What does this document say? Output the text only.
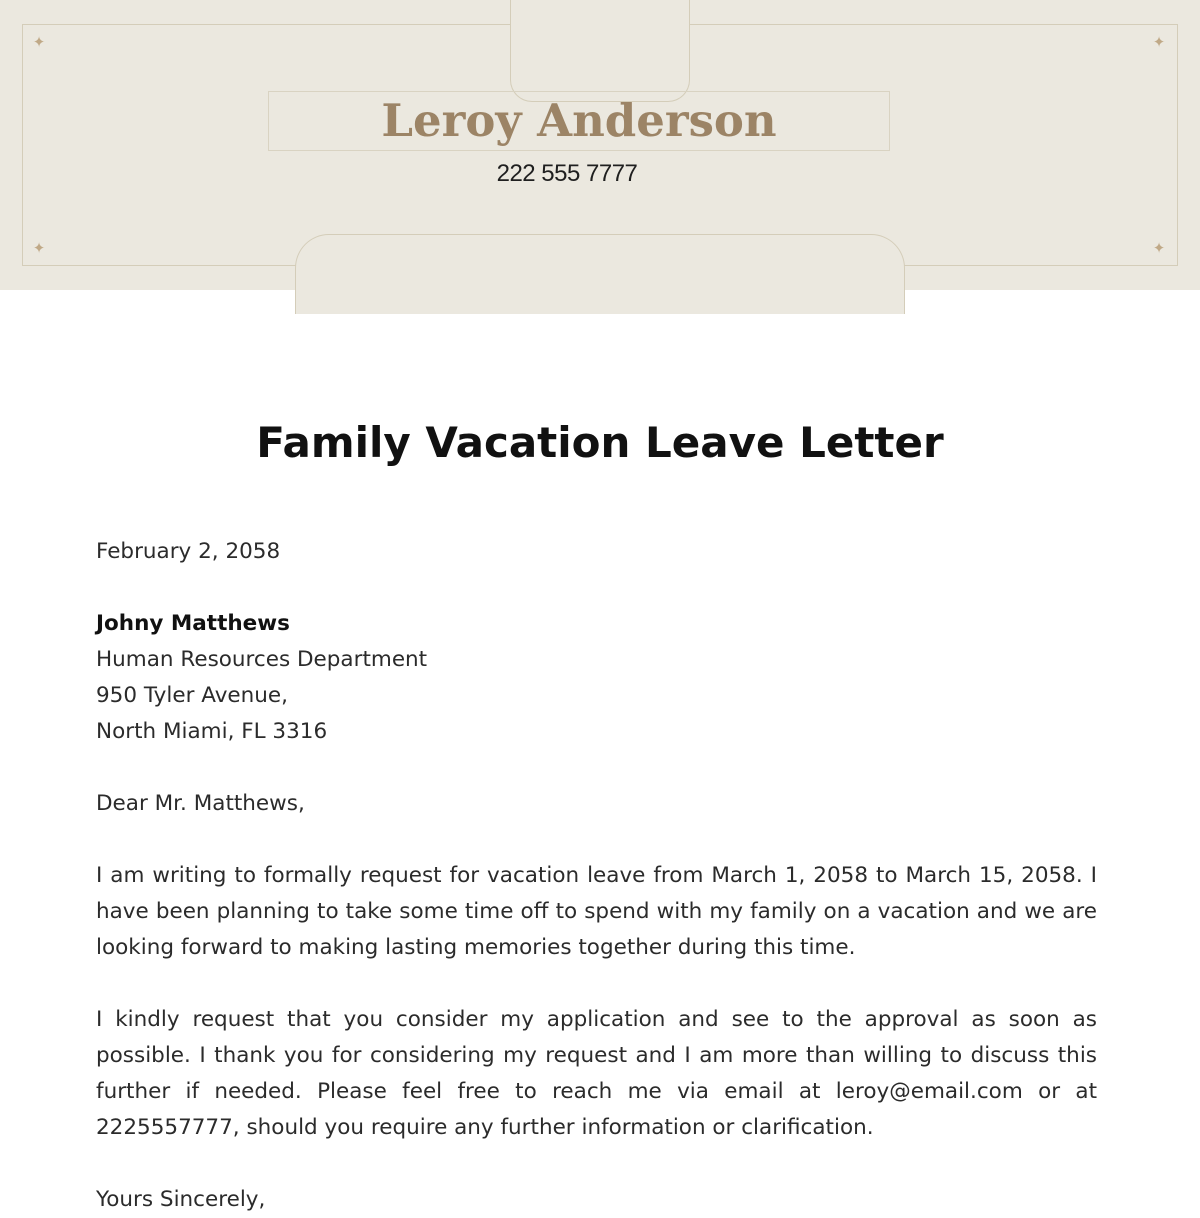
Leroy Anderson
222 555 7777
✦	✦
✦	✦
Family Vacation Leave Letter

February 2, 2058

Johny Matthews

Human Resources Department

950 Tyler Avenue,

North Miami, FL 3316

Dear Mr. Matthews,

I am writing to formally request for vacation leave from March 1, 2058 to March 15, 2058. I have been planning to take some time off to spend with my family on a vacation and we are looking forward to making lasting memories together during this time.

I kindly request that you consider my application and see to the approval as soon as possible. I thank you for considering my request and I am more than willing to discuss this further if needed. Please feel free to reach me via email at leroy@email.com or at 2225557777, should you require any further information or clarification.

Yours Sincerely,
